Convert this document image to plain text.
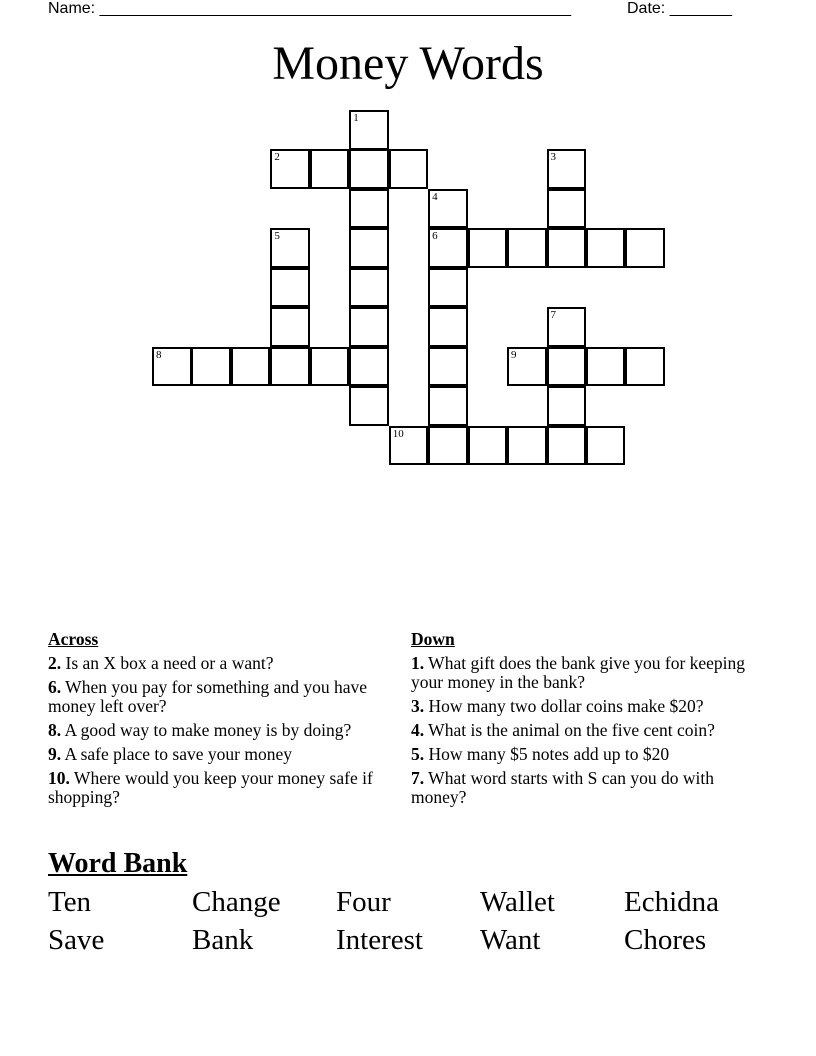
Name: _____________________________________________________	Date: _______
Money Words
1
2	3
4
6
5
7
8	9
10
Across
2. Is an X box a need or a want?
6. When you pay for something and you have money left over?
8. A good way to make money is by doing?
9. A safe place to save your money
10. Where would you keep your money safe if shopping?
Down
1. What gift does the bank give you for keeping your money in the bank?
3. How many two dollar coins make $20?
4. What is the animal on the five cent coin?
5. How many $5 notes add up to $20
7. What word starts with S can you do with money?
Word Bank
Ten	Change	Four	Wallet	Echidna
Save	Bank	Interest	Want	Chores
